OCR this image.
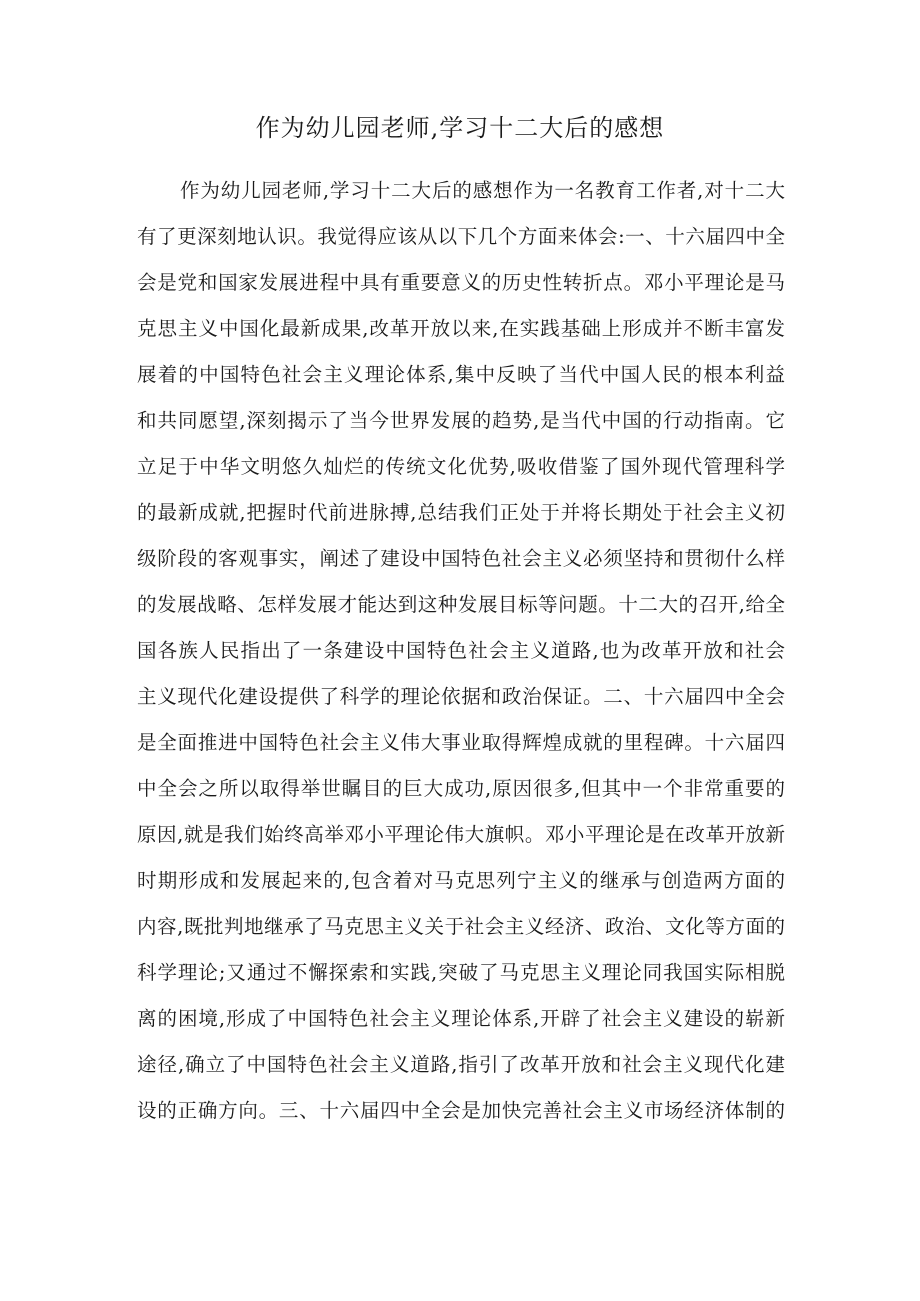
作为幼儿园老师,学习十二大后的感想
作为幼儿园老师,学习十二大后的感想作为一名教育工作者,对十二大
有了更深刻地认识。我觉得应该从以下几个方面来体会:一、十六届四中全
会是党和国家发展进程中具有重要意义的历史性转折点。邓小平理论是马
克思主义中国化最新成果,改革开放以来,在实践基础上形成并不断丰富发
展着的中国特色社会主义理论体系,集中反映了当代中国人民的根本利益
和共同愿望,深刻揭示了当今世界发展的趋势,是当代中国的行动指南。它
立足于中华文明悠久灿烂的传统文化优势,吸收借鉴了国外现代管理科学
的最新成就,把握时代前进脉搏,总结我们正处于并将长期处于社会主义初
级阶段的客观事实，阐述了建设中国特色社会主义必须坚持和贯彻什么样
的发展战略、怎样发展才能达到这种发展目标等问题。十二大的召开,给全
国各族人民指出了一条建设中国特色社会主义道路,也为改革开放和社会
主义现代化建设提供了科学的理论依据和政治保证。二、十六届四中全会
是全面推进中国特色社会主义伟大事业取得辉煌成就的里程碑。十六届四
中全会之所以取得举世瞩目的巨大成功,原因很多,但其中一个非常重要的
原因,就是我们始终高举邓小平理论伟大旗帜。邓小平理论是在改革开放新
时期形成和发展起来的,包含着对马克思列宁主义的继承与创造两方面的
内容,既批判地继承了马克思主义关于社会主义经济、政治、文化等方面的
科学理论;又通过不懈探索和实践,突破了马克思主义理论同我国实际相脱
离的困境,形成了中国特色社会主义理论体系,开辟了社会主义建设的崭新
途径,确立了中国特色社会主义道路,指引了改革开放和社会主义现代化建
设的正确方向。三、十六届四中全会是加快完善社会主义市场经济体制的
